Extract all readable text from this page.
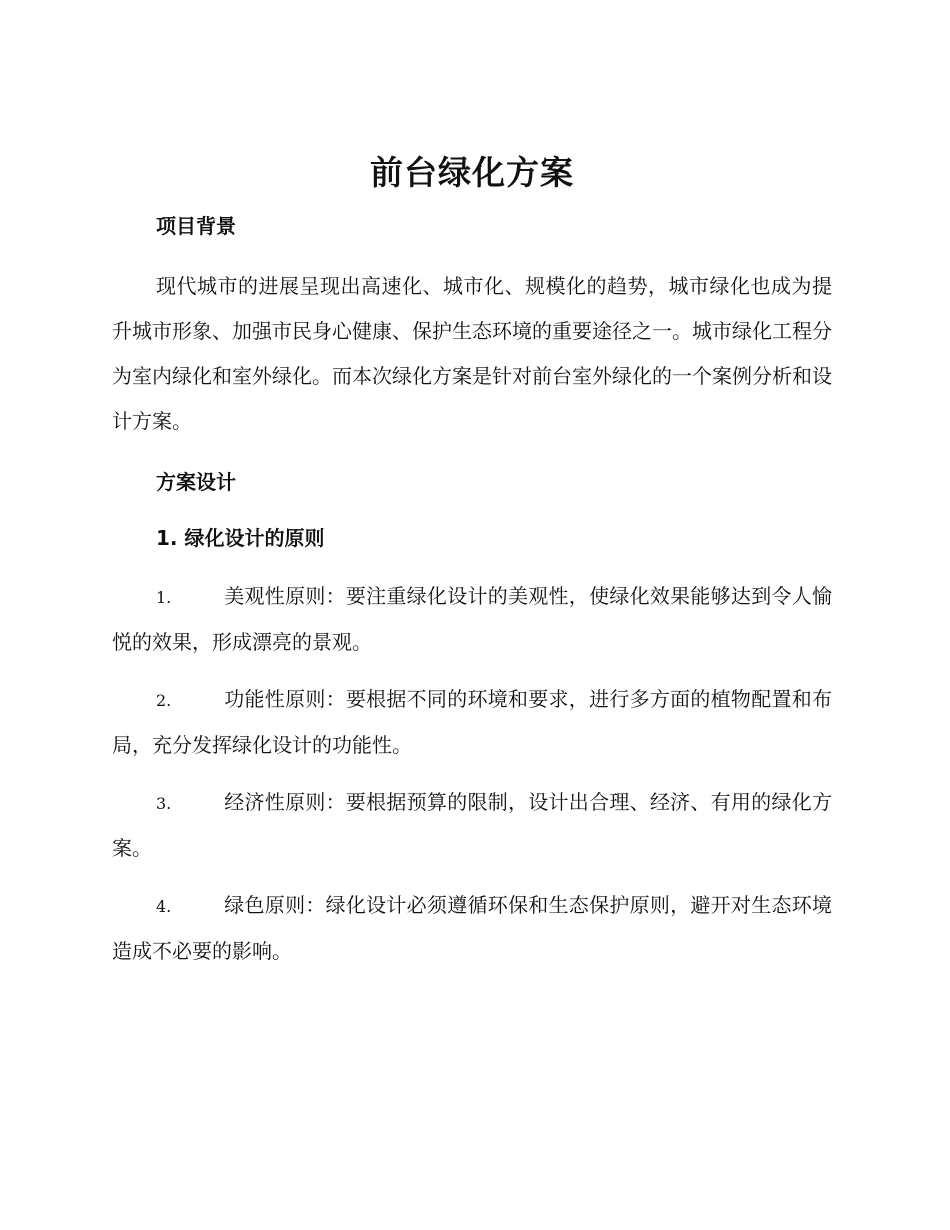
前台绿化方案
项目背景

现代城市的进展呈现出高速化、城市化、规模化的趋势，城市绿化也成为提升城市形象、加强市民身心健康、保护生态环境的重要途径之一。城市绿化工程分为室内绿化和室外绿化。而本次绿化方案是针对前台室外绿化的一个案例分析和设计方案。

方案设计
1. 绿化设计的原则

1.	美观性原则：要注重绿化设计的美观性，使绿化效果能够达到令人愉悦的效果，形成漂亮的景观。

2.	功能性原则：要根据不同的环境和要求，进行多方面的植物配置和布局，充分发挥绿化设计的功能性。

3.	经济性原则：要根据预算的限制，设计出合理、经济、有用的绿化方案。

4.	绿色原则：绿化设计必须遵循环保和生态保护原则，避开对生态环境造成不必要的影响。
